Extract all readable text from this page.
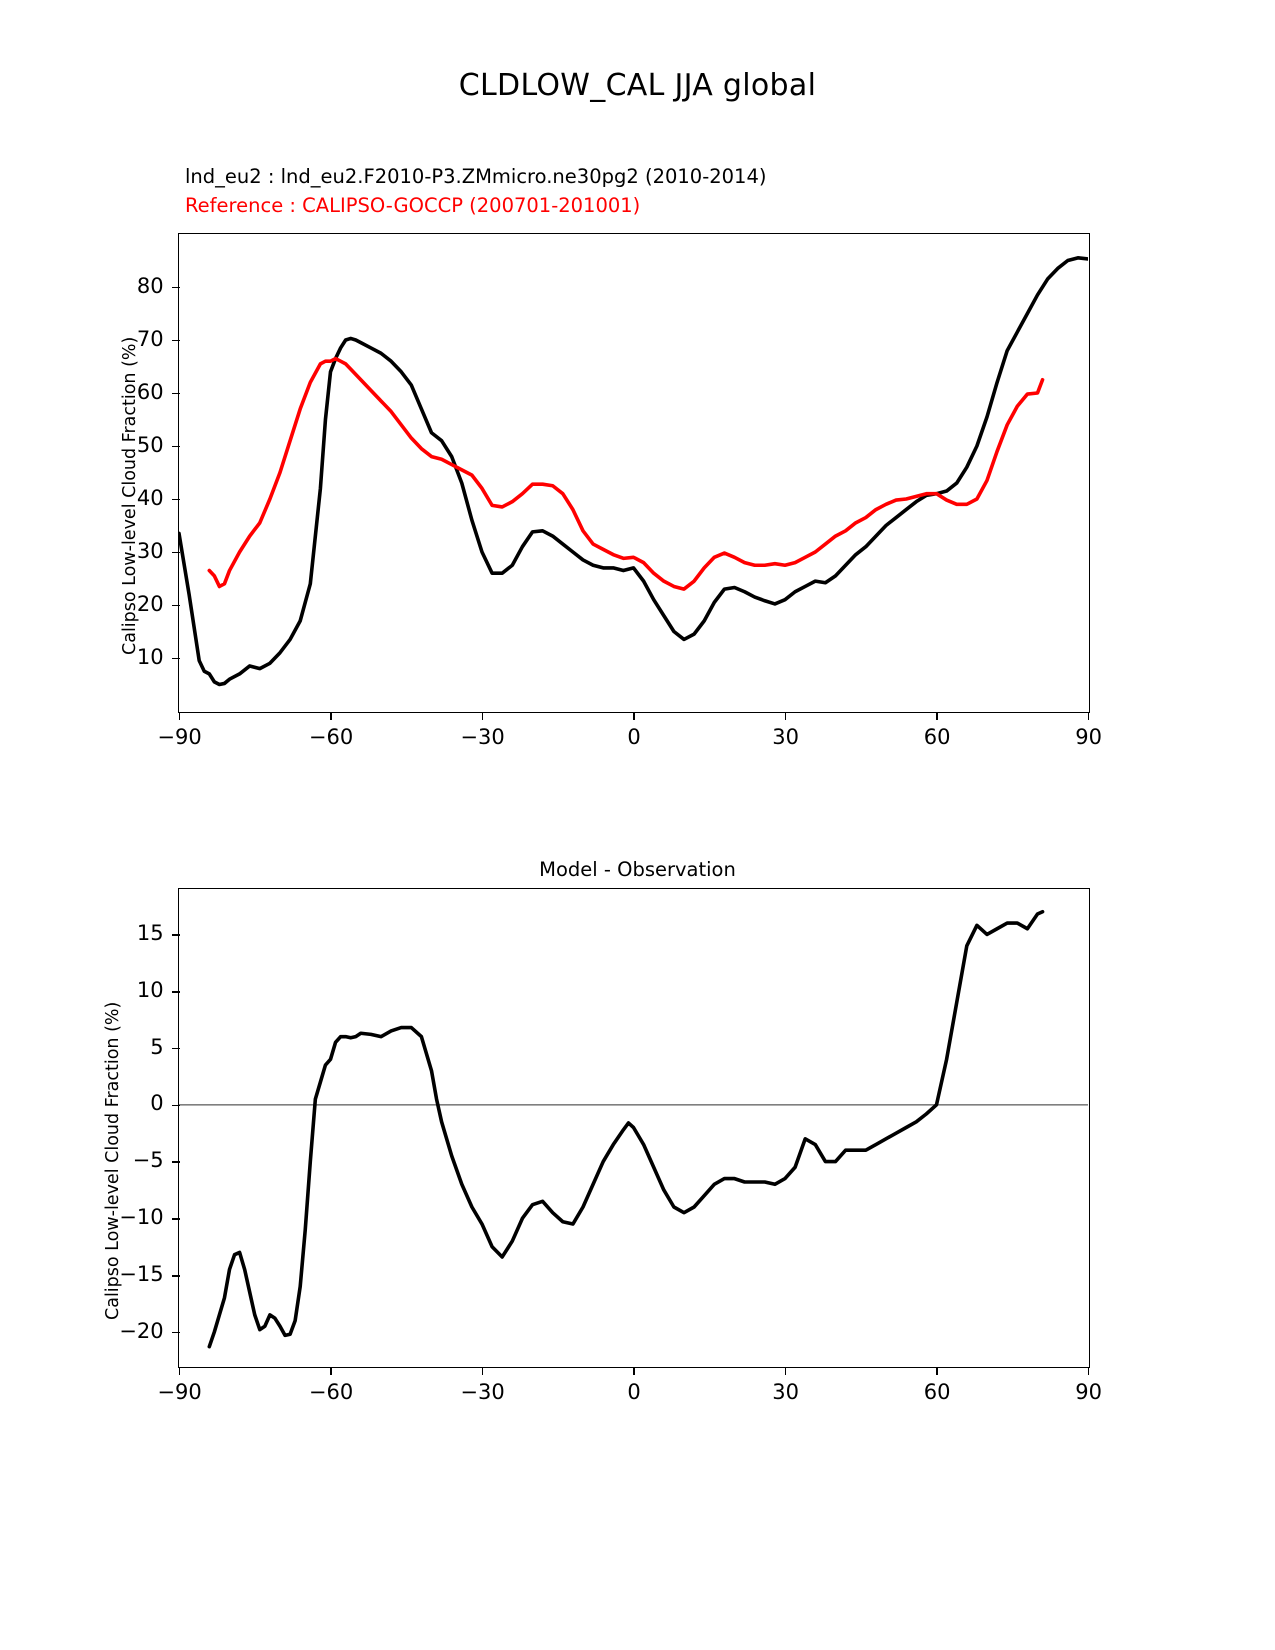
CLDLOW_CAL JJA global
lnd_eu2 : lnd_eu2.F2010-P3.ZMmicro.ne30pg2 (2010-2014)
Reference : CALIPSO-GOCCP (200701-201001)
Calipso Low-level Cloud Fraction (%)
−90	−60	−30	0	30	60	90
10
20
30
40
50
60
70
80
Model - Observation
Calipso Low-level Cloud Fraction (%)
−90	−60	−30	0	30	60	90
−20
−15
−10
−5
0
5
10
15
